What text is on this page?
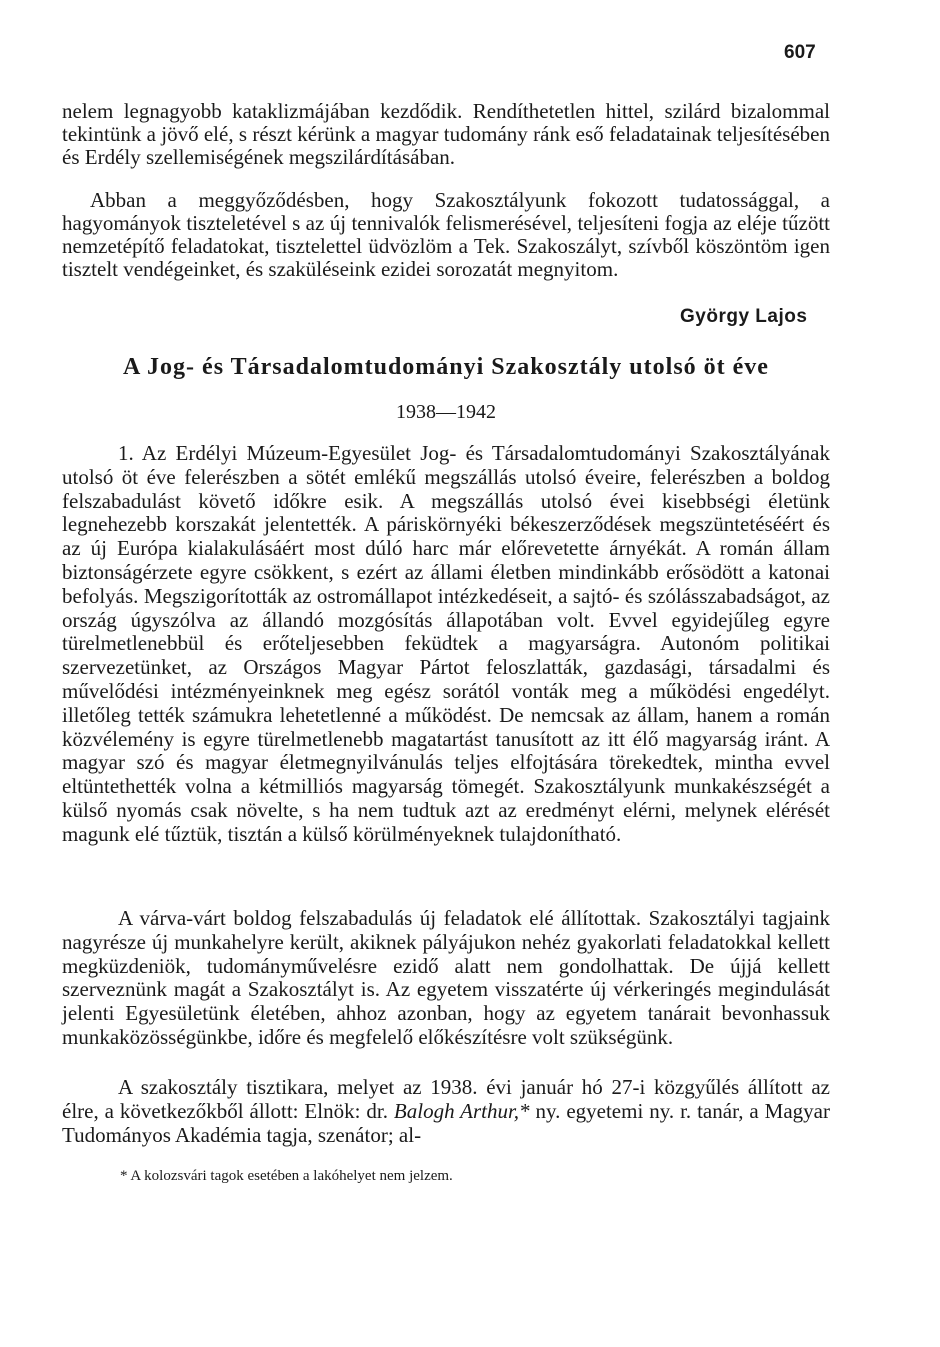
607
nelem legnagyobb kataklizmájában kezdődik. Rendíthetetlen hittel, szilárd bizalommal tekintünk a jövő elé, s részt kérünk a magyar tudomány ránk eső feladatainak teljesítésében és Erdély szellemiségének megszilárdításában.
Abban a meggyőződésben, hogy Szakosztályunk fokozott tudatossággal, a hagyományok tiszteletével s az új tennivalók felismerésével, teljesíteni fogja az eléje tűzött nemzetépítő feladatokat, tisztelettel üdvözlöm a Tek. Szakoszályt, szívből köszöntöm igen tisztelt vendégeinket, és szaküléseink ezidei sorozatát megnyitom.
György Lajos
A Jog- és Társadalomtudományi Szakosztály utolsó öt éve
1938—1942
1. Az Erdélyi Múzeum-Egyesület Jog- és Társadalomtudományi Szakosztályának utolsó öt éve felerészben a sötét emlékű megszállás utolsó éveire, felerészben a boldog felszabadulást követő időkre esik. A megszállás utolsó évei kisebbségi életünk legnehezebb korszakát jelentették. A páriskörnyéki békeszerződések megszüntetéséért és az új Európa kialakulásáért most dúló harc már előrevetette árnyékát. A román állam biztonságérzete egyre csökkent, s ezért az állami életben mindinkább erősödött a katonai befolyás. Megszigorították az ostromállapot intézkedéseit, a sajtó- és szólásszabadságot, az ország úgyszólva az állandó mozgósítás állapotában volt. Evvel egyidejűleg egyre türelmetlenebbül és erőteljesebben feküdtek a magyarságra. Autonóm politikai szervezetünket, az Országos Magyar Pártot feloszlatták, gazdasági, társadalmi és művelődési intézményeinknek meg egész sorától vonták meg a működési engedélyt. illetőleg tették számukra lehetetlenné a működést. De nemcsak az állam, hanem a román közvélemény is egyre türelmetlenebb magatartást tanusított az itt élő magyarság iránt. A magyar szó és magyar életmegnyilvánulás teljes elfojtására törekedtek, mintha evvel eltüntethették volna a kétmilliós magyarság tömegét. Szakosztályunk munkakészségét a külső nyomás csak növelte, s ha nem tudtuk azt az eredményt elérni, melynek elérését magunk elé tűztük, tisztán a külső körülményeknek tulajdonítható.
A várva-várt boldog felszabadulás új feladatok elé állítottak. Szakosztályi tagjaink nagyrésze új munkahelyre került, akiknek pályájukon nehéz gyakorlati feladatokkal kellett megküzdeniök, tudományművelésre ezidő alatt nem gondolhattak. De újjá kellett szerveznünk magát a Szakosztályt is. Az egyetem visszatérte új vérkeringés megindulását jelenti Egyesületünk életében, ahhoz azonban, hogy az egyetem tanárait bevonhassuk munkaközösségünkbe, időre és megfelelő előkészítésre volt szükségünk.
A szakosztály tisztikara, melyet az 1938. évi január hó 27-i közgyűlés állított az élre, a következőkből állott: Elnök: dr. Balogh Arthur,* ny. egyetemi ny. r. tanár, a Magyar Tudományos Akadémia tagja, szenátor; al-
* A kolozsvári tagok esetében a lakóhelyet nem jelzem.
